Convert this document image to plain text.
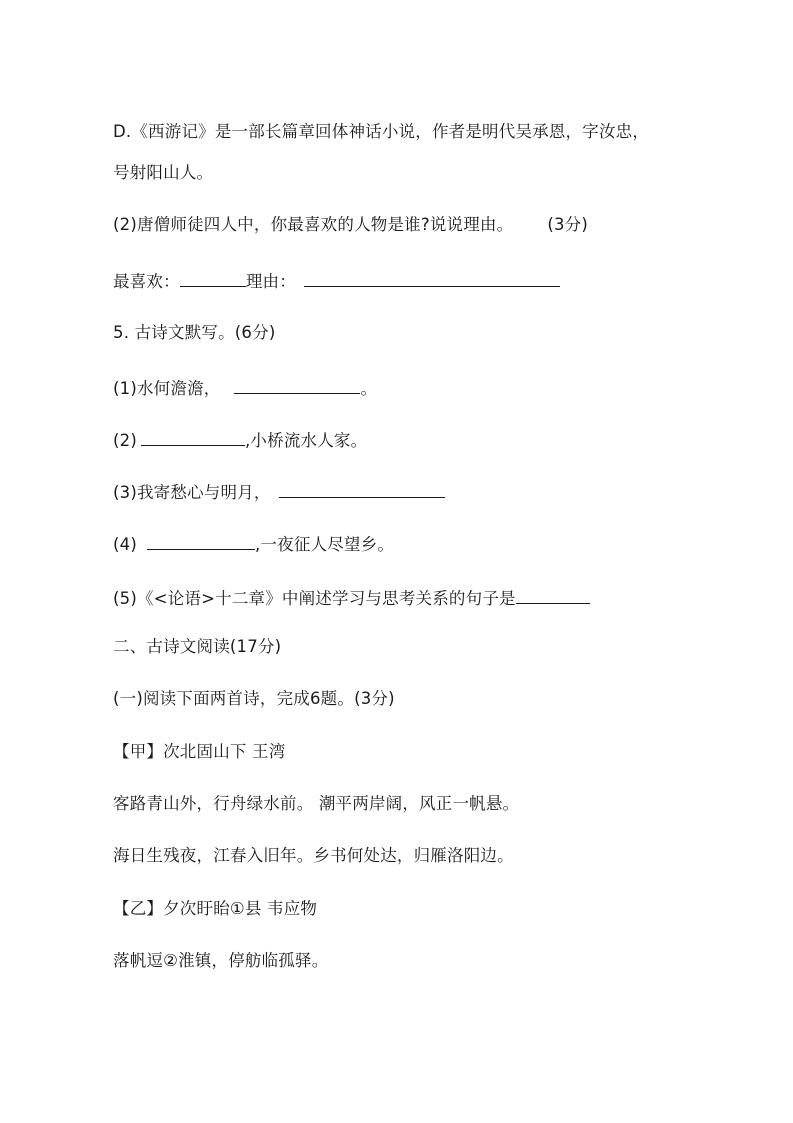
D.《西游记》是一部长篇章回体神话小说，作者是明代吴承恩，字汝忠，
号射阳山人。
(2)唐僧师徒四人中，你最喜欢的人物是谁?说说理由。 (3分)
最喜欢：	理由：
5. 古诗文默写。(6分)
(1)水何澹澹，	。
(2)	,小桥流水人家。
(3)我寄愁心与明月，
(4)	,一夜征人尽望乡。
(5)《<论语>十二章》中阐述学习与思考关系的句子是
二、古诗文阅读(17分)
(一)阅读下面两首诗，完成6题。(3分)
【甲】次北固山下 王湾
客路青山外，行舟绿水前。 潮平两岸阔，风正一帆悬。
海日生残夜，江春入旧年。乡书何处达，归雁洛阳边。
【乙】夕次盱眙①县 韦应物
落帆逗②淮镇，停舫临孤驿。
